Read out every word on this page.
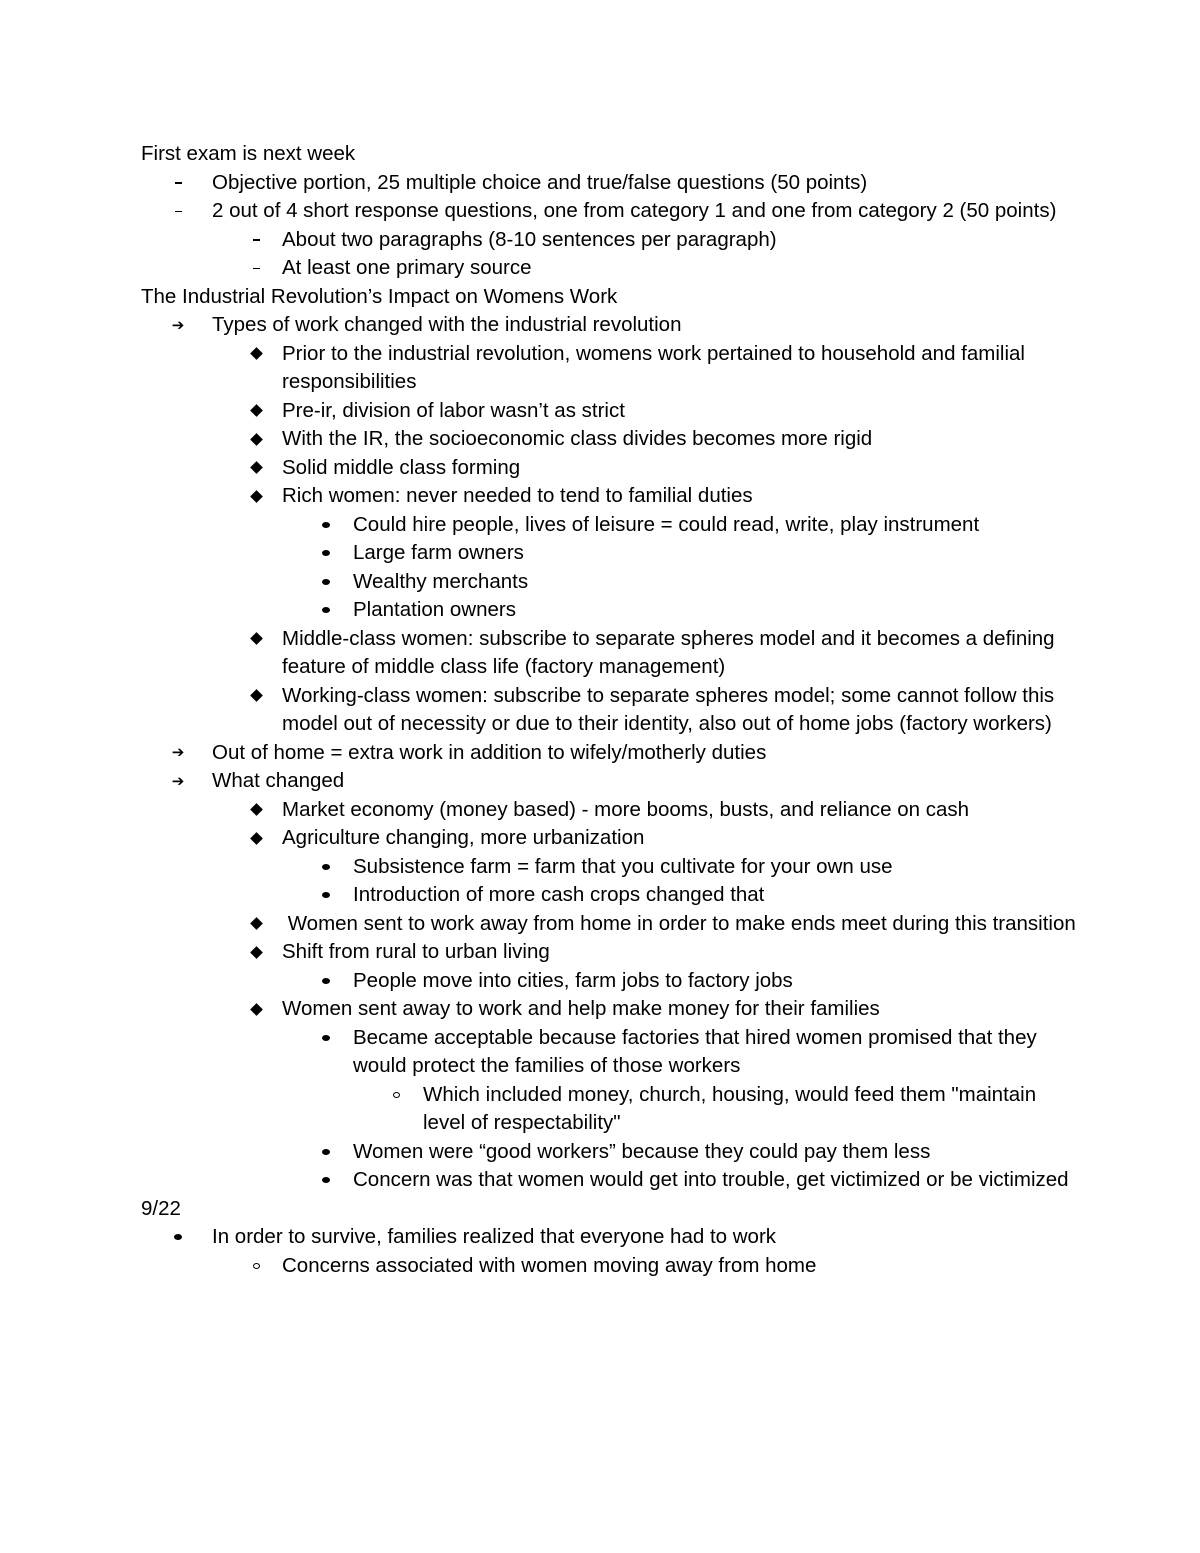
First exam is next week
Objective portion, 25 multiple choice and true/false questions (50 points)
2 out of 4 short response questions, one from category 1 and one from category 2 (50 points)
About two paragraphs (8-10 sentences per paragraph)
At least one primary source
The Industrial Revolution’s Impact on Womens Work
➔ Types of work changed with the industrial revolution
Prior to the industrial revolution, womens work pertained to household and familial responsibilities
Pre-ir, division of labor wasn’t as strict
With the IR, the socioeconomic class divides becomes more rigid
Solid middle class forming
Rich women: never needed to tend to familial duties
Could hire people, lives of leisure = could read, write, play instrument
Large farm owners
Wealthy merchants
Plantation owners
Middle-class women: subscribe to separate spheres model and it becomes a defining feature of middle class life (factory management)
Working-class women: subscribe to separate spheres model; some cannot follow this model out of necessity or due to their identity, also out of home jobs (factory workers)
➔ Out of home = extra work in addition to wifely/motherly duties
➔ What changed
Market economy (money based) - more booms, busts, and reliance on cash
Agriculture changing, more urbanization
Subsistence farm = farm that you cultivate for your own use
Introduction of more cash crops changed that
Women sent to work away from home in order to make ends meet during this transition
Shift from rural to urban living
People move into cities, farm jobs to factory jobs
Women sent away to work and help make money for their families
Became acceptable because factories that hired women promised that they would protect the families of those workers
Which included money, church, housing, would feed them "maintain level of respectability"
Women were “good workers” because they could pay them less
Concern was that women would get into trouble, get victimized or be victimized
9/22
In order to survive, families realized that everyone had to work
Concerns associated with women moving away from home
